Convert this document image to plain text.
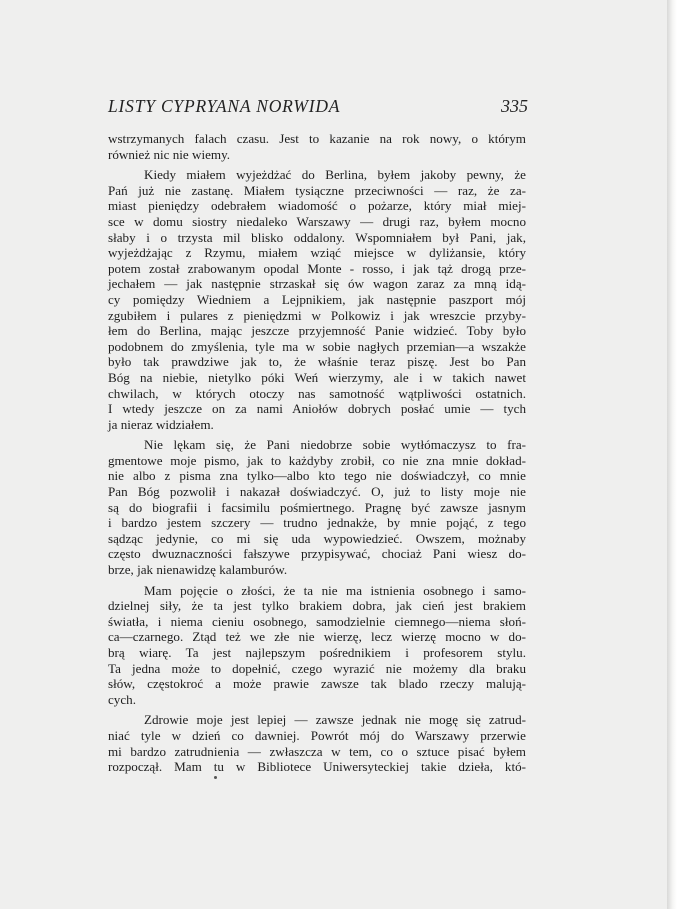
LISTY CYPRYANA NORWIDA	335

wstrzymanych falach czasu. Jest to kazanie na rok nowy, o którym
również nic nie wiemy.

Kiedy miałem wyjeżdżać do Berlina, byłem jakoby pewny, że
Pań już nie zastanę. Miałem tysiączne przeciwności — raz, że za-
miast pieniędzy odebrałem wiadomość o pożarze, który miał miej-
sce w domu siostry niedaleko Warszawy — drugi raz, byłem mocno
słaby i o trzysta mil blisko oddalony. Wspomniałem był Pani, jak,
wyjeżdżając z Rzymu, miałem wziąć miejsce w dyliżansie, który
potem został zrabowanym opodal Monte - rosso, i jak tąż drogą prze-
jechałem — jak następnie strzaskał się ów wagon zaraz za mną idą-
cy pomiędzy Wiedniem a Lejpnikiem, jak następnie paszport mój
zgubiłem i pulares z pieniędzmi w Polkowiz i jak wreszcie przyby-
łem do Berlina, mając jeszcze przyjemność Panie widzieć. Toby było
podobnem do zmyślenia, tyle ma w sobie nagłych przemian—a wszakże
było tak prawdziwe jak to, że właśnie teraz piszę. Jest bo Pan
Bóg na niebie, nietylko póki Weń wierzymy, ale i w takich nawet
chwilach, w których otoczy nas samotność wątpliwości ostatnich.
I wtedy jeszcze on za nami Aniołów dobrych posłać umie — tych
ja nieraz widziałem.

Nie lękam się, że Pani niedobrze sobie wytłómaczysz to fra-
gmentowe moje pismo, jak to każdyby zrobił, co nie zna mnie dokład-
nie albo z pisma zna tylko—albo kto tego nie doświadczył, co mnie
Pan Bóg pozwolił i nakazał doświadczyć. O, już to listy moje nie
są do biografii i facsimilu pośmiertnego. Pragnę być zawsze jasnym
i bardzo jestem szczery — trudno jednakże, by mnie pojąć, z tego
sądząc jedynie, co mi się uda wypowiedzieć. Owszem, możnaby
często dwuznaczności fałszywe przypisywać, chociaż Pani wiesz do-
brze, jak nienawidzę kalamburów.

Mam pojęcie o złości, że ta nie ma istnienia osobnego i samo-
dzielnej siły, że ta jest tylko brakiem dobra, jak cień jest brakiem
światła, i niema cieniu osobnego, samodzielnie ciemnego—niema słoń-
ca—czarnego. Ztąd też we złe nie wierzę, lecz wierzę mocno w do-
brą wiarę. Ta jest najlepszym pośrednikiem i profesorem stylu.
Ta jedna może to dopełnić, czego wyrazić nie możemy dla braku
słów, częstokroć a może prawie zawsze tak blado rzeczy malują-
cych.

Zdrowie moje jest lepiej — zawsze jednak nie mogę się zatrud-
niać tyle w dzień co dawniej. Powrót mój do Warszawy przerwie
mi bardzo zatrudnienia — zwłaszcza w tem, co o sztuce pisać byłem
rozpoczął. Mam tu w Bibliotece Uniwersyteckiej takie dzieła, któ-
